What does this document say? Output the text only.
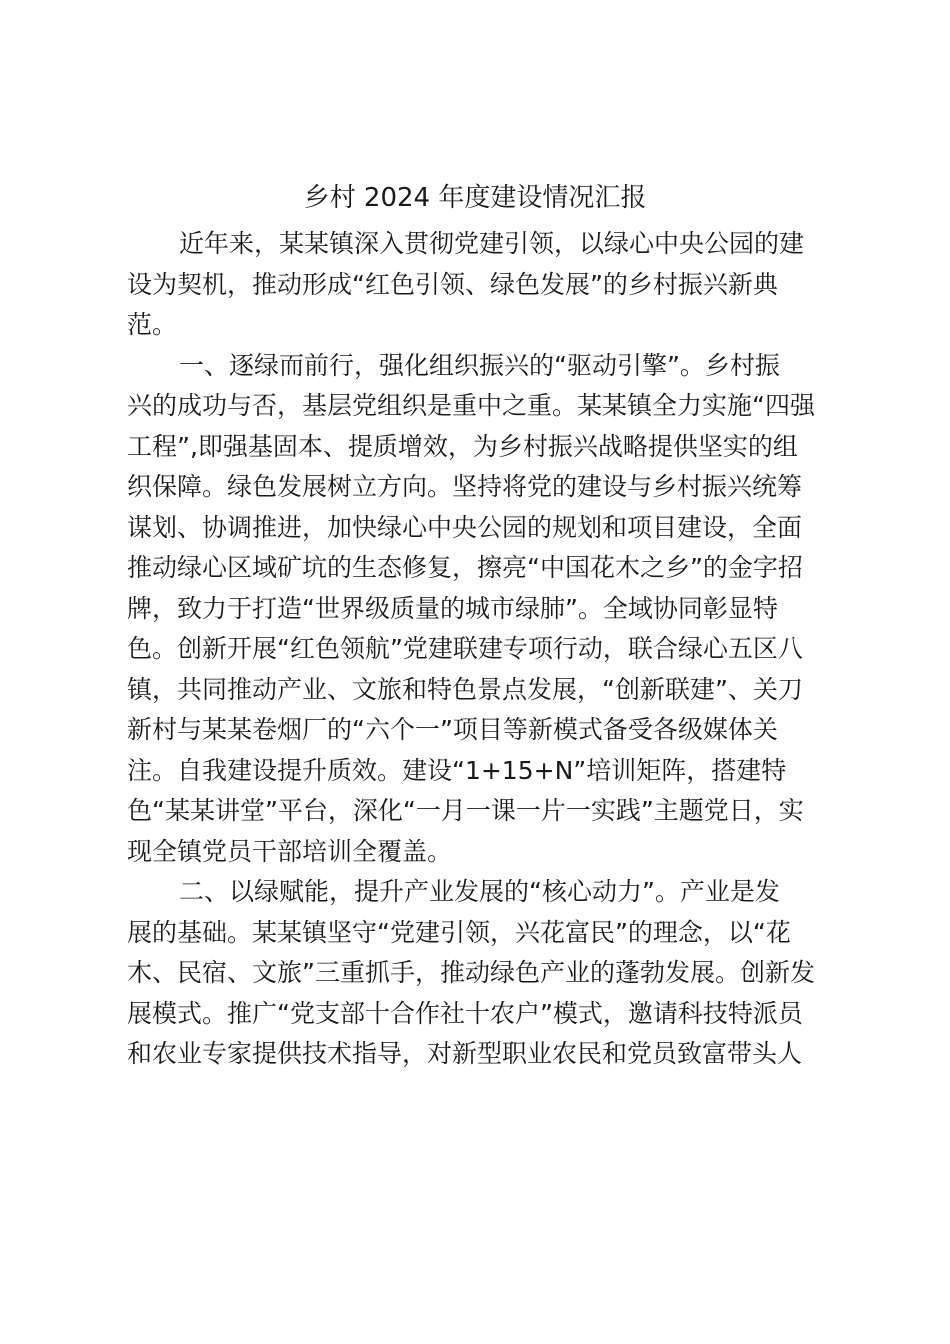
乡村 2024 年度建设情况汇报
近年来，某某镇深入贯彻党建引领，以绿心中央公园的建
设为契机，推动形成“红色引领、绿色发展”的乡村振兴新典
范。
一、逐绿而前行，强化组织振兴的“驱动引擎”。乡村振
兴的成功与否，基层党组织是重中之重。某某镇全力实施“四强
工程”,即强基固本、提质增效，为乡村振兴战略提供坚实的组
织保障。绿色发展树立方向。坚持将党的建设与乡村振兴统筹
谋划、协调推进，加快绿心中央公园的规划和项目建设，全面
推动绿心区域矿坑的生态修复，擦亮“中国花木之乡”的金字招
牌，致力于打造“世界级质量的城市绿肺”。全域协同彰显特
色。创新开展“红色领航”党建联建专项行动，联合绿心五区八
镇，共同推动产业、文旅和特色景点发展，“创新联建”、关刀
新村与某某卷烟厂的“六个一”项目等新模式备受各级媒体关
注。自我建设提升质效。建设“1+15+N”培训矩阵，搭建特
色“某某讲堂”平台，深化“一月一课一片一实践”主题党日，实
现全镇党员干部培训全覆盖。
二、以绿赋能，提升产业发展的“核心动力”。产业是发
展的基础。某某镇坚守“党建引领，兴花富民”的理念，以“花
木、民宿、文旅”三重抓手，推动绿色产业的蓬勃发展。创新发
展模式。推广“党支部十合作社十农户”模式，邀请科技特派员
和农业专家提供技术指导，对新型职业农民和党员致富带头人
